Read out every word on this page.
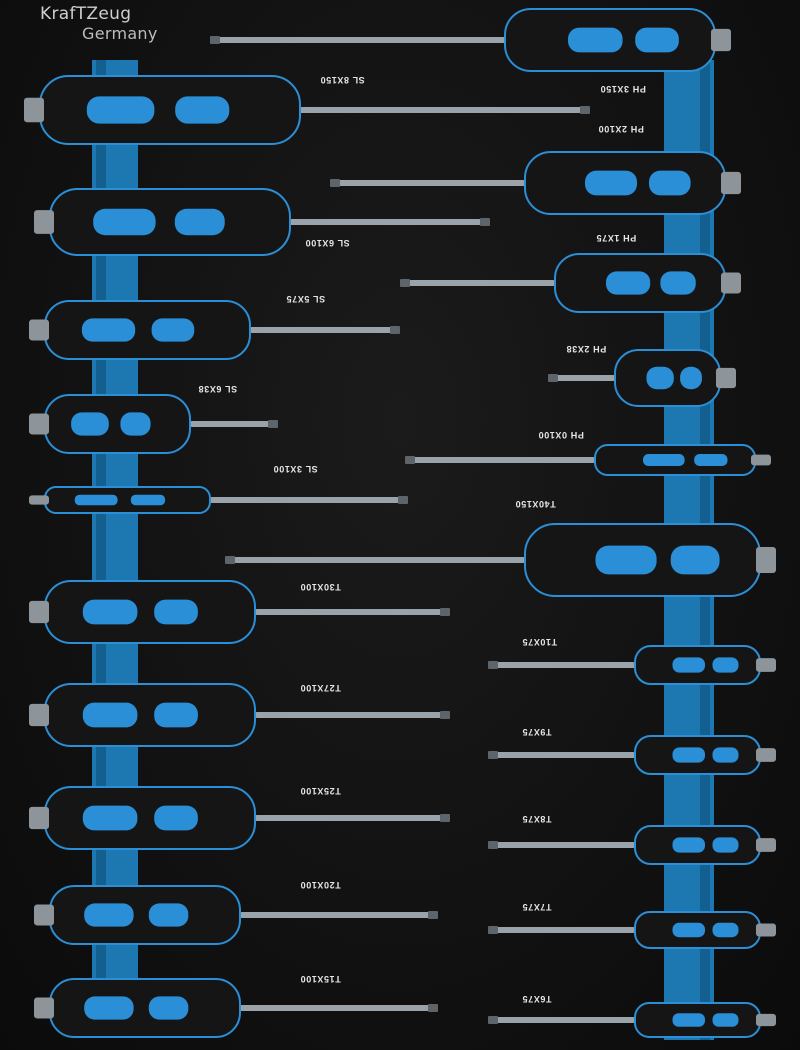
KrafTZeug
Germany
PH 3X150
SL 8X150
PH 2X100
SL 6X100	PH 1X75
SL 5X75
PH 2X38
SL 6X38
PH 0X100
SL 3X100
T40X150
T30X100
T10X75
T27X100
T9X75
T25X100
T8X75
T20X100
T7X75
T15X100
T6X75
